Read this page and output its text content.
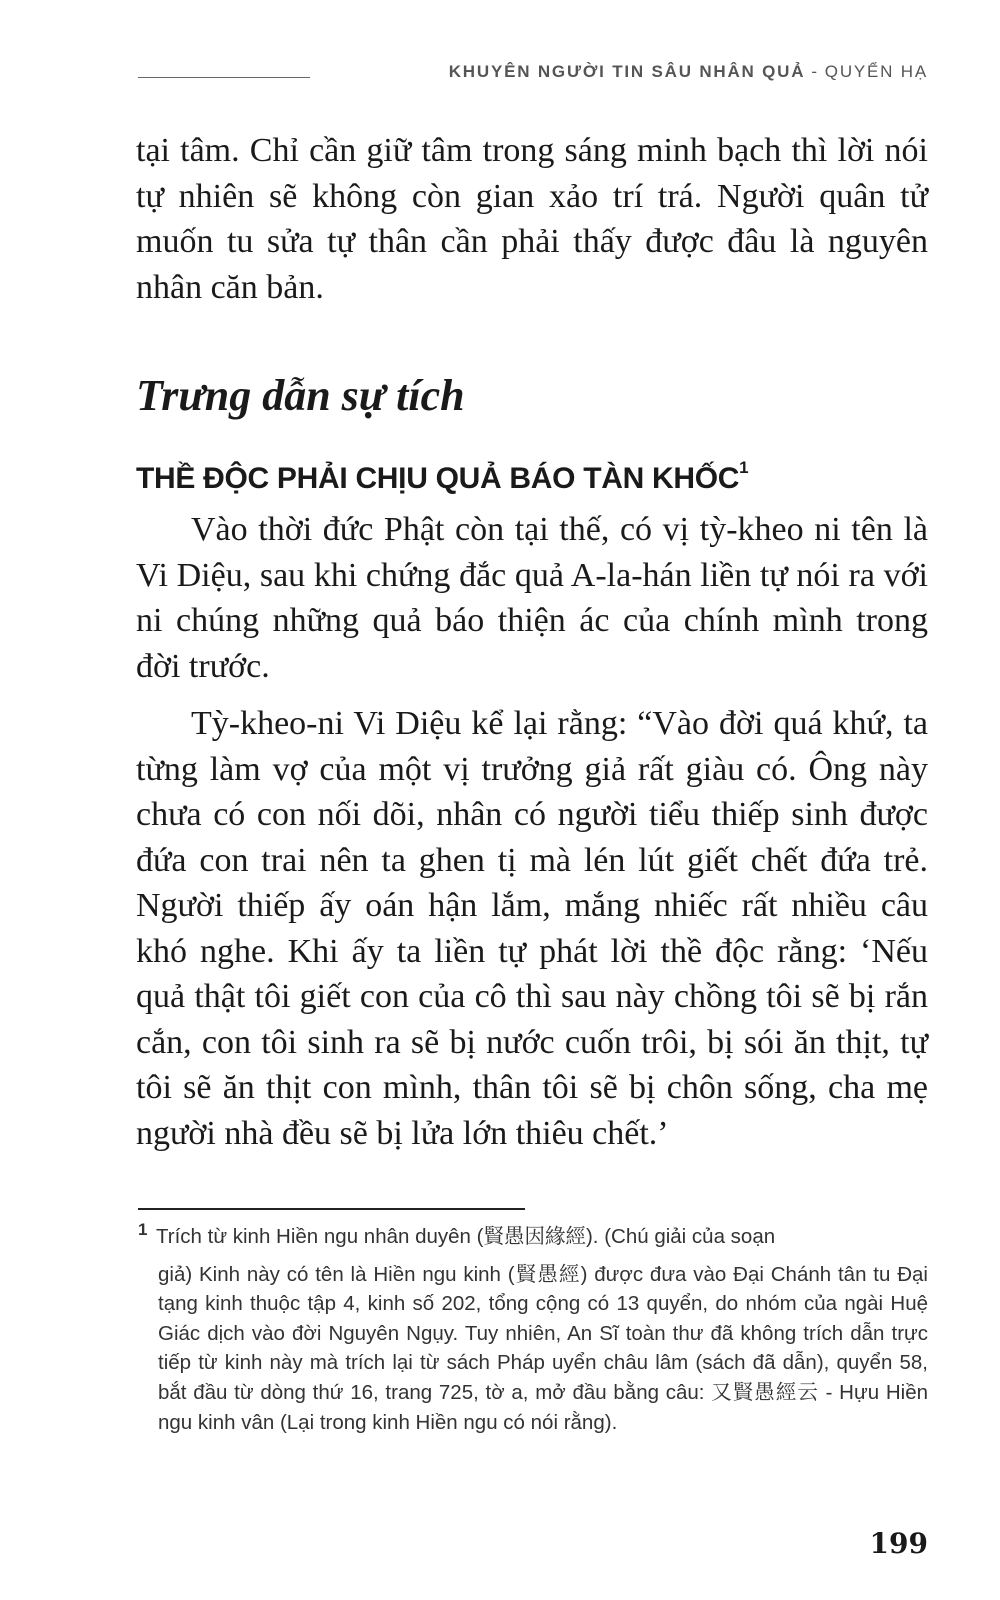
KHUYÊN NGƯỜI TIN SÂU NHÂN QUẢ - QUYỂN HẠ

tại tâm. Chỉ cần giữ tâm trong sáng minh bạch thì lời nói tự nhiên sẽ không còn gian xảo trí trá. Người quân tử muốn tu sửa tự thân cần phải thấy được đâu là nguyên nhân căn bản.

Trưng dẫn sự tích
THỀ ĐỘC PHẢI CHỊU QUẢ BÁO TÀN KHỐC$^1$

Vào thời đức Phật còn tại thế, có vị tỳ-kheo ni tên là Vi Diệu, sau khi chứng đắc quả A-la-hán liền tự nói ra với ni chúng những quả báo thiện ác của chính mình trong đời trước.

Tỳ-kheo-ni Vi Diệu kể lại rằng: “Vào đời quá khứ, ta từng làm vợ của một vị trưởng giả rất giàu có. Ông này chưa có con nối dõi, nhân có người tiểu thiếp sinh được đứa con trai nên ta ghen tị mà lén lút giết chết đứa trẻ. Người thiếp ấy oán hận lắm, mắng nhiếc rất nhiều câu khó nghe. Khi ấy ta liền tự phát lời thề độc rằng: ‘Nếu quả thật tôi giết con của cô thì sau này chồng tôi sẽ bị rắn cắn, con tôi sinh ra sẽ bị nước cuốn trôi, bị sói ăn thịt, tự tôi sẽ ăn thịt con mình, thân tôi sẽ bị chôn sống, cha mẹ người nhà đều sẽ bị lửa lớn thiêu chết.’

1 Trích từ kinh Hiền ngu nhân duyên (賢愚因緣經). (Chú giải của soạn
giả) Kinh này có tên là Hiền ngu kinh (賢愚經) được đưa vào Đại Chánh tân tu Đại tạng kinh thuộc tập 4, kinh số 202, tổng cộng có 13 quyển, do nhóm của ngài Huệ Giác dịch vào đời Nguyên Ngụy. Tuy nhiên, An Sĩ toàn thư đã không trích dẫn trực tiếp từ kinh này mà trích lại từ sách Pháp uyển châu lâm (sách đã dẫn), quyển 58, bắt đầu từ dòng thứ 16, trang 725, tờ a, mở đầu bằng câu: 又賢愚經云 - Hựu Hiền ngu kinh vân (Lại trong kinh Hiền ngu có nói rằng).
199
